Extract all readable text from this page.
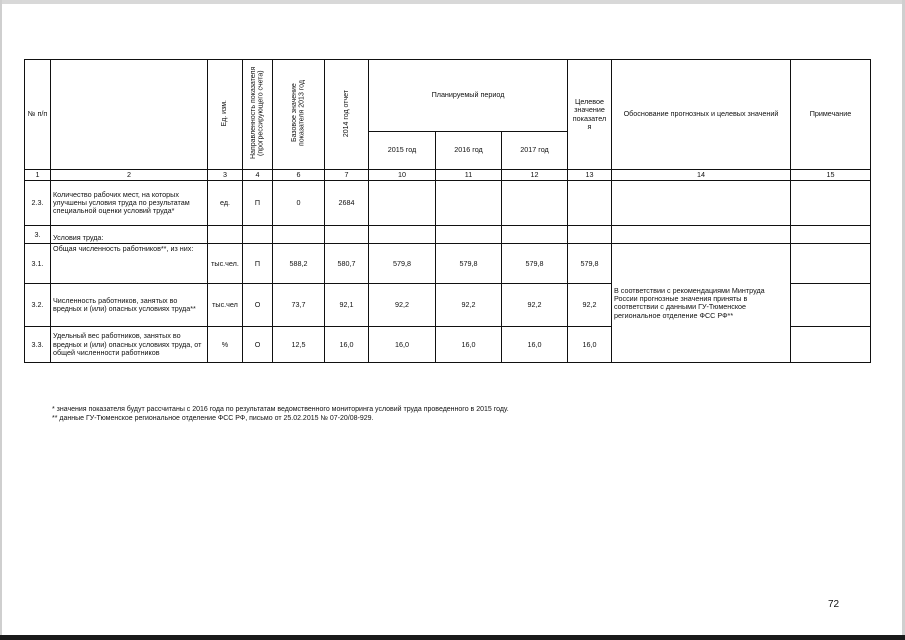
№ п/п		Ед. изм.	Направленность показателя (прогрессирующего счета)	Базовое значение показателя 2013 год	2014 год отчет	Планируемый период			Целевое значение показател я	Обоснование прогнозных и целевых значений	Примечание
						2015 год	2016 год	2017 год			
1	2	3	4	6	7	10	11	12	13	14	15
2.3.	Количество рабочих мест, на которых улучшены условия труда по результатам специальной оценки условий труда*	ед.	П	0	2684						
3.	Условия труда:										
3.1.	Общая численность работников**, из них:	тыс.чел.	П	588,2	580,7	579,8	579,8	579,8	579,8	В соответствии с рекомендациями Минтруда России прогнозные значения приняты в соответствии с данными ГУ-Тюменское региональное отделение ФСС РФ**	
3.2.	Численность работников, занятых во вредных и (или) опасных условиях труда**	тыс.чел	О	73,7	92,1	92,2	92,2	92,2	92,2		
3.3.	Удельный вес работников, занятых во вредных и (или) опасных условиях труда, от общей численности работников	%	О	12,5	16,0	16,0	16,0	16,0	16,0		
* значения показателя будут рассчитаны с 2016 года по результатам ведомственного мониторинга условий труда проведенного в 2015 году.
** данные ГУ-Тюменское региональное отделение ФСС РФ, письмо от 25.02.2015 № 07-20/08-929.
72
